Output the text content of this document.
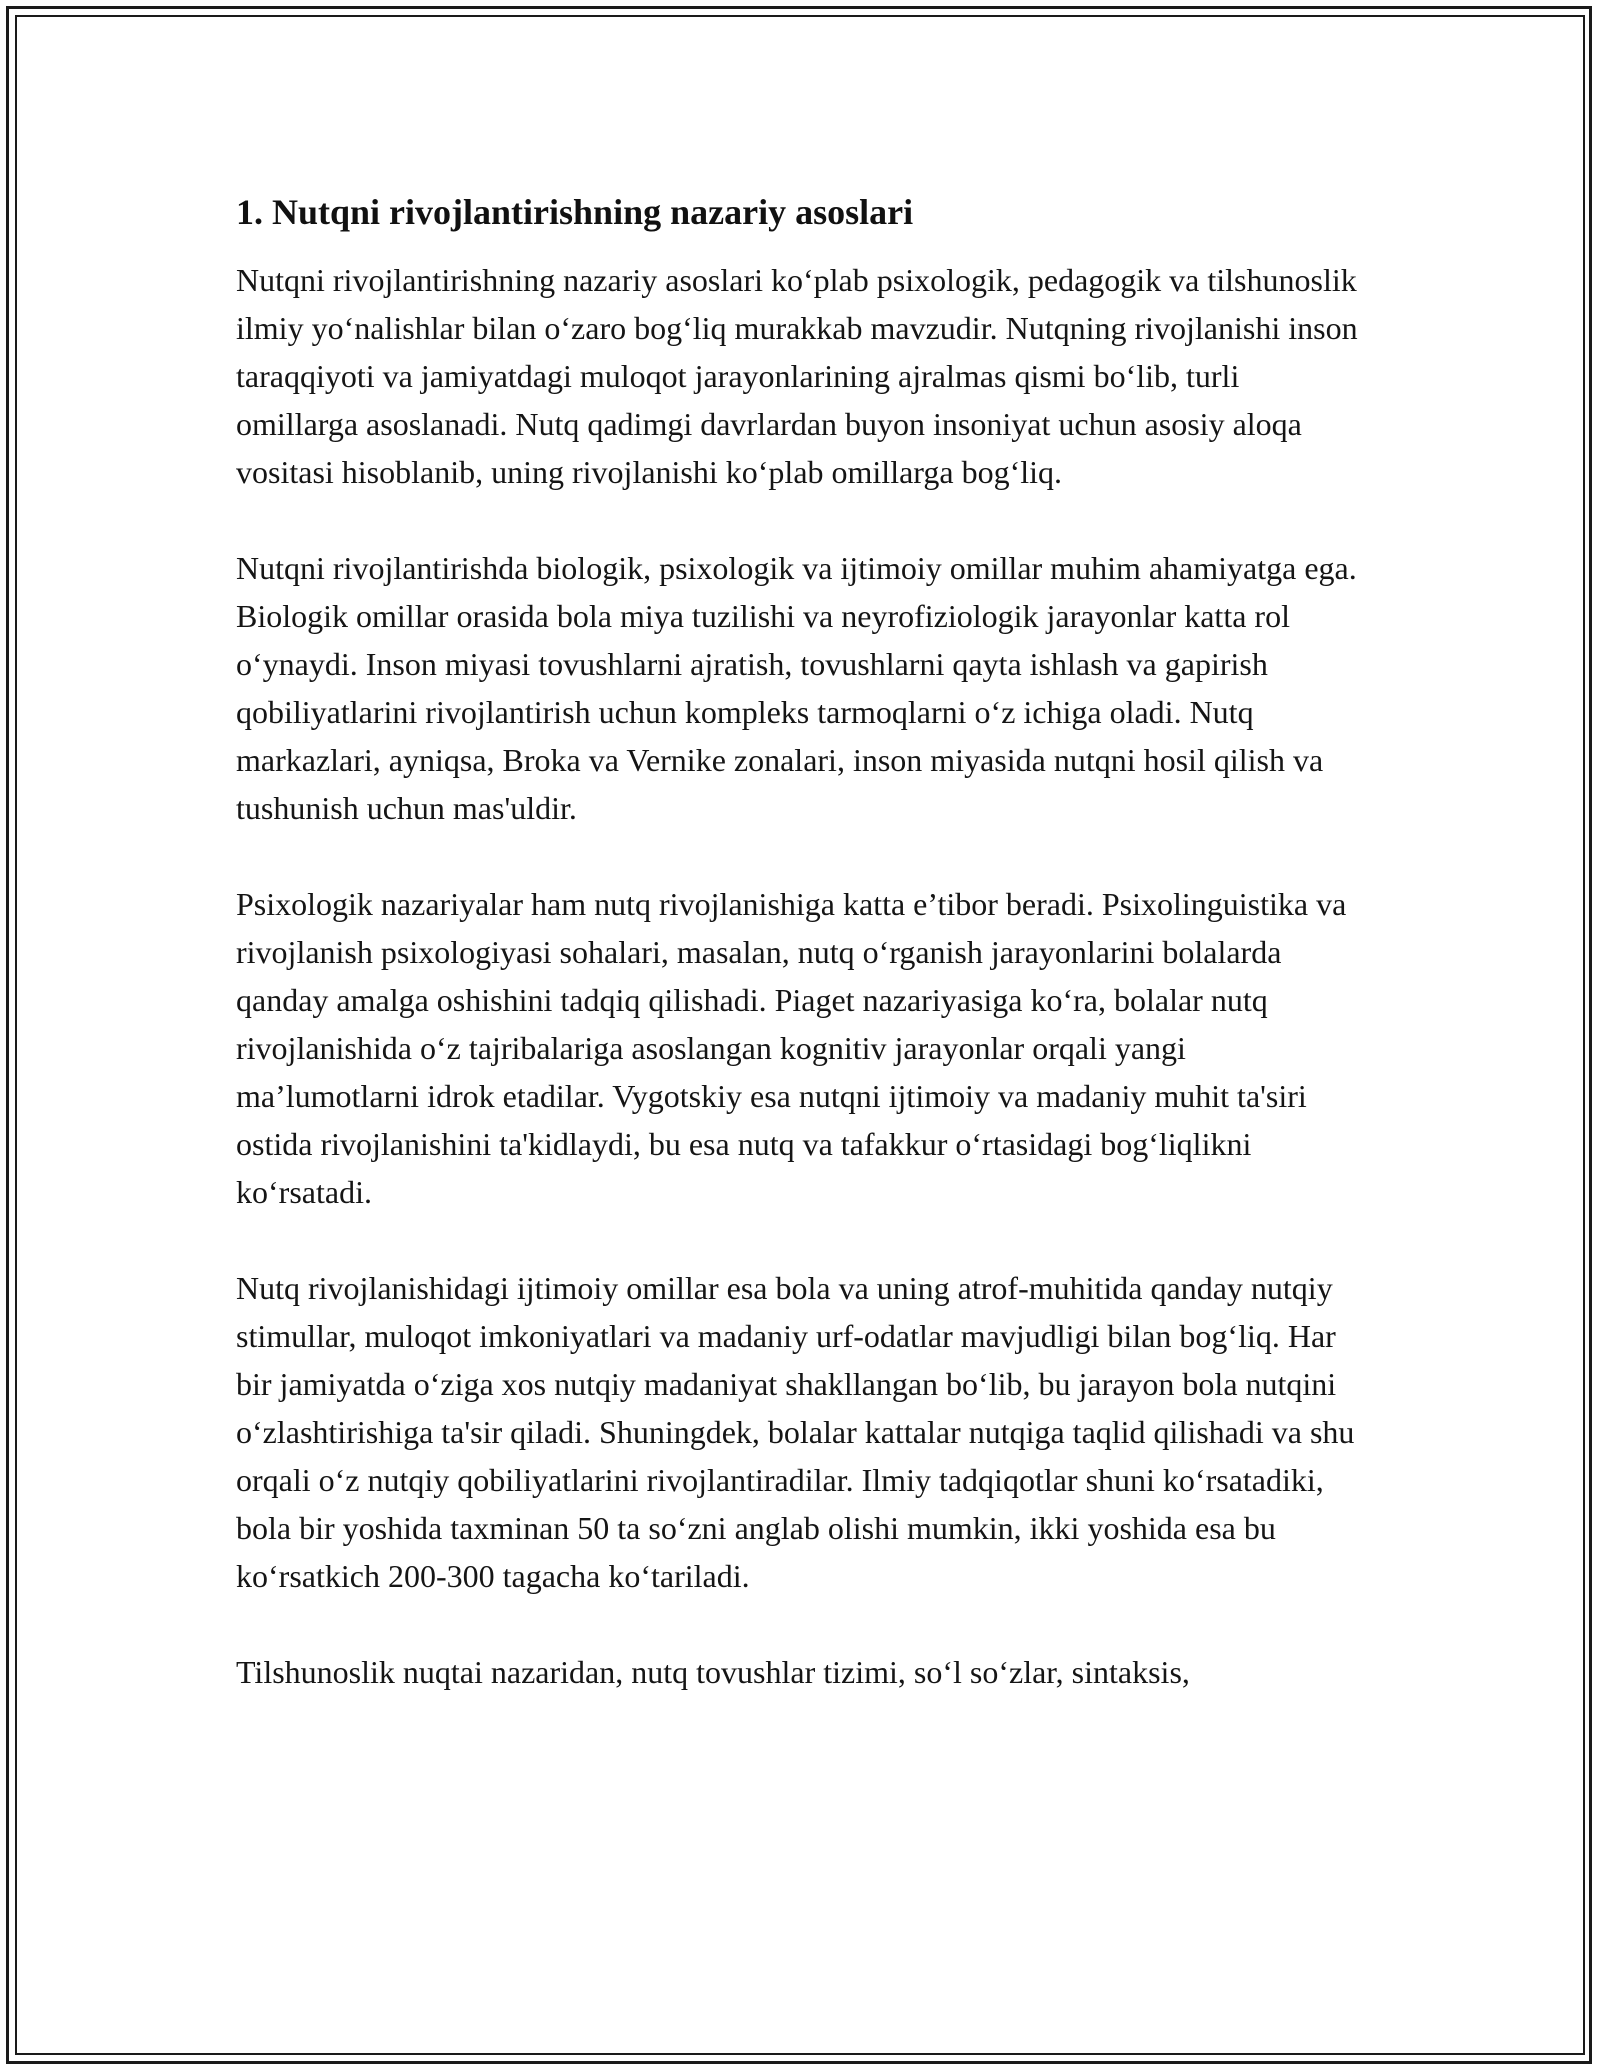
1. Nutqni rivojlantirishning nazariy asoslari

Nutqni rivojlantirishning nazariy asoslari ko‘plab psixologik, pedagogik va tilshunoslik ilmiy yo‘nalishlar bilan o‘zaro bog‘liq murakkab mavzudir. Nutqning rivojlanishi inson taraqqiyoti va jamiyatdagi muloqot jarayonlarining ajralmas qismi bo‘lib, turli omillarga asoslanadi. Nutq qadimgi davrlardan buyon insoniyat uchun asosiy aloqa vositasi hisoblanib, uning rivojlanishi ko‘plab omillarga bog‘liq.

Nutqni rivojlantirishda biologik, psixologik va ijtimoiy omillar muhim ahamiyatga ega. Biologik omillar orasida bola miya tuzilishi va neyrofiziologik jarayonlar katta rol o‘ynaydi. Inson miyasi tovushlarni ajratish, tovushlarni qayta ishlash va gapirish qobiliyatlarini rivojlantirish uchun kompleks tarmoqlarni o‘z ichiga oladi. Nutq markazlari, ayniqsa, Broka va Vernike zonalari, inson miyasida nutqni hosil qilish va tushunish uchun mas'uldir.

Psixologik nazariyalar ham nutq rivojlanishiga katta e’tibor beradi. Psixolinguistika va rivojlanish psixologiyasi sohalari, masalan, nutq o‘rganish jarayonlarini bolalarda qanday amalga oshishini tadqiq qilishadi. Piaget nazariyasiga ko‘ra, bolalar nutq rivojlanishida o‘z tajribalariga asoslangan kognitiv jarayonlar orqali yangi ma’lumotlarni idrok etadilar. Vygotskiy esa nutqni ijtimoiy va madaniy muhit ta'siri ostida rivojlanishini ta'kidlaydi, bu esa nutq va tafakkur o‘rtasidagi bog‘liqlikni ko‘rsatadi.

Nutq rivojlanishidagi ijtimoiy omillar esa bola va uning atrof-muhitida qanday nutqiy stimullar, muloqot imkoniyatlari va madaniy urf-odatlar mavjudligi bilan bog‘liq. Har bir jamiyatda o‘ziga xos nutqiy madaniyat shakllangan bo‘lib, bu jarayon bola nutqini o‘zlashtirishiga ta'sir qiladi. Shuningdek, bolalar kattalar nutqiga taqlid qilishadi va shu orqali o‘z nutqiy qobiliyatlarini rivojlantiradilar. Ilmiy tadqiqotlar shuni ko‘rsatadiki, bola bir yoshida taxminan 50 ta so‘zni anglab olishi mumkin, ikki yoshida esa bu ko‘rsatkich 200-300 tagacha ko‘tariladi.

Tilshunoslik nuqtai nazaridan, nutq tovushlar tizimi, so‘l so‘zlar, sintaksis,
